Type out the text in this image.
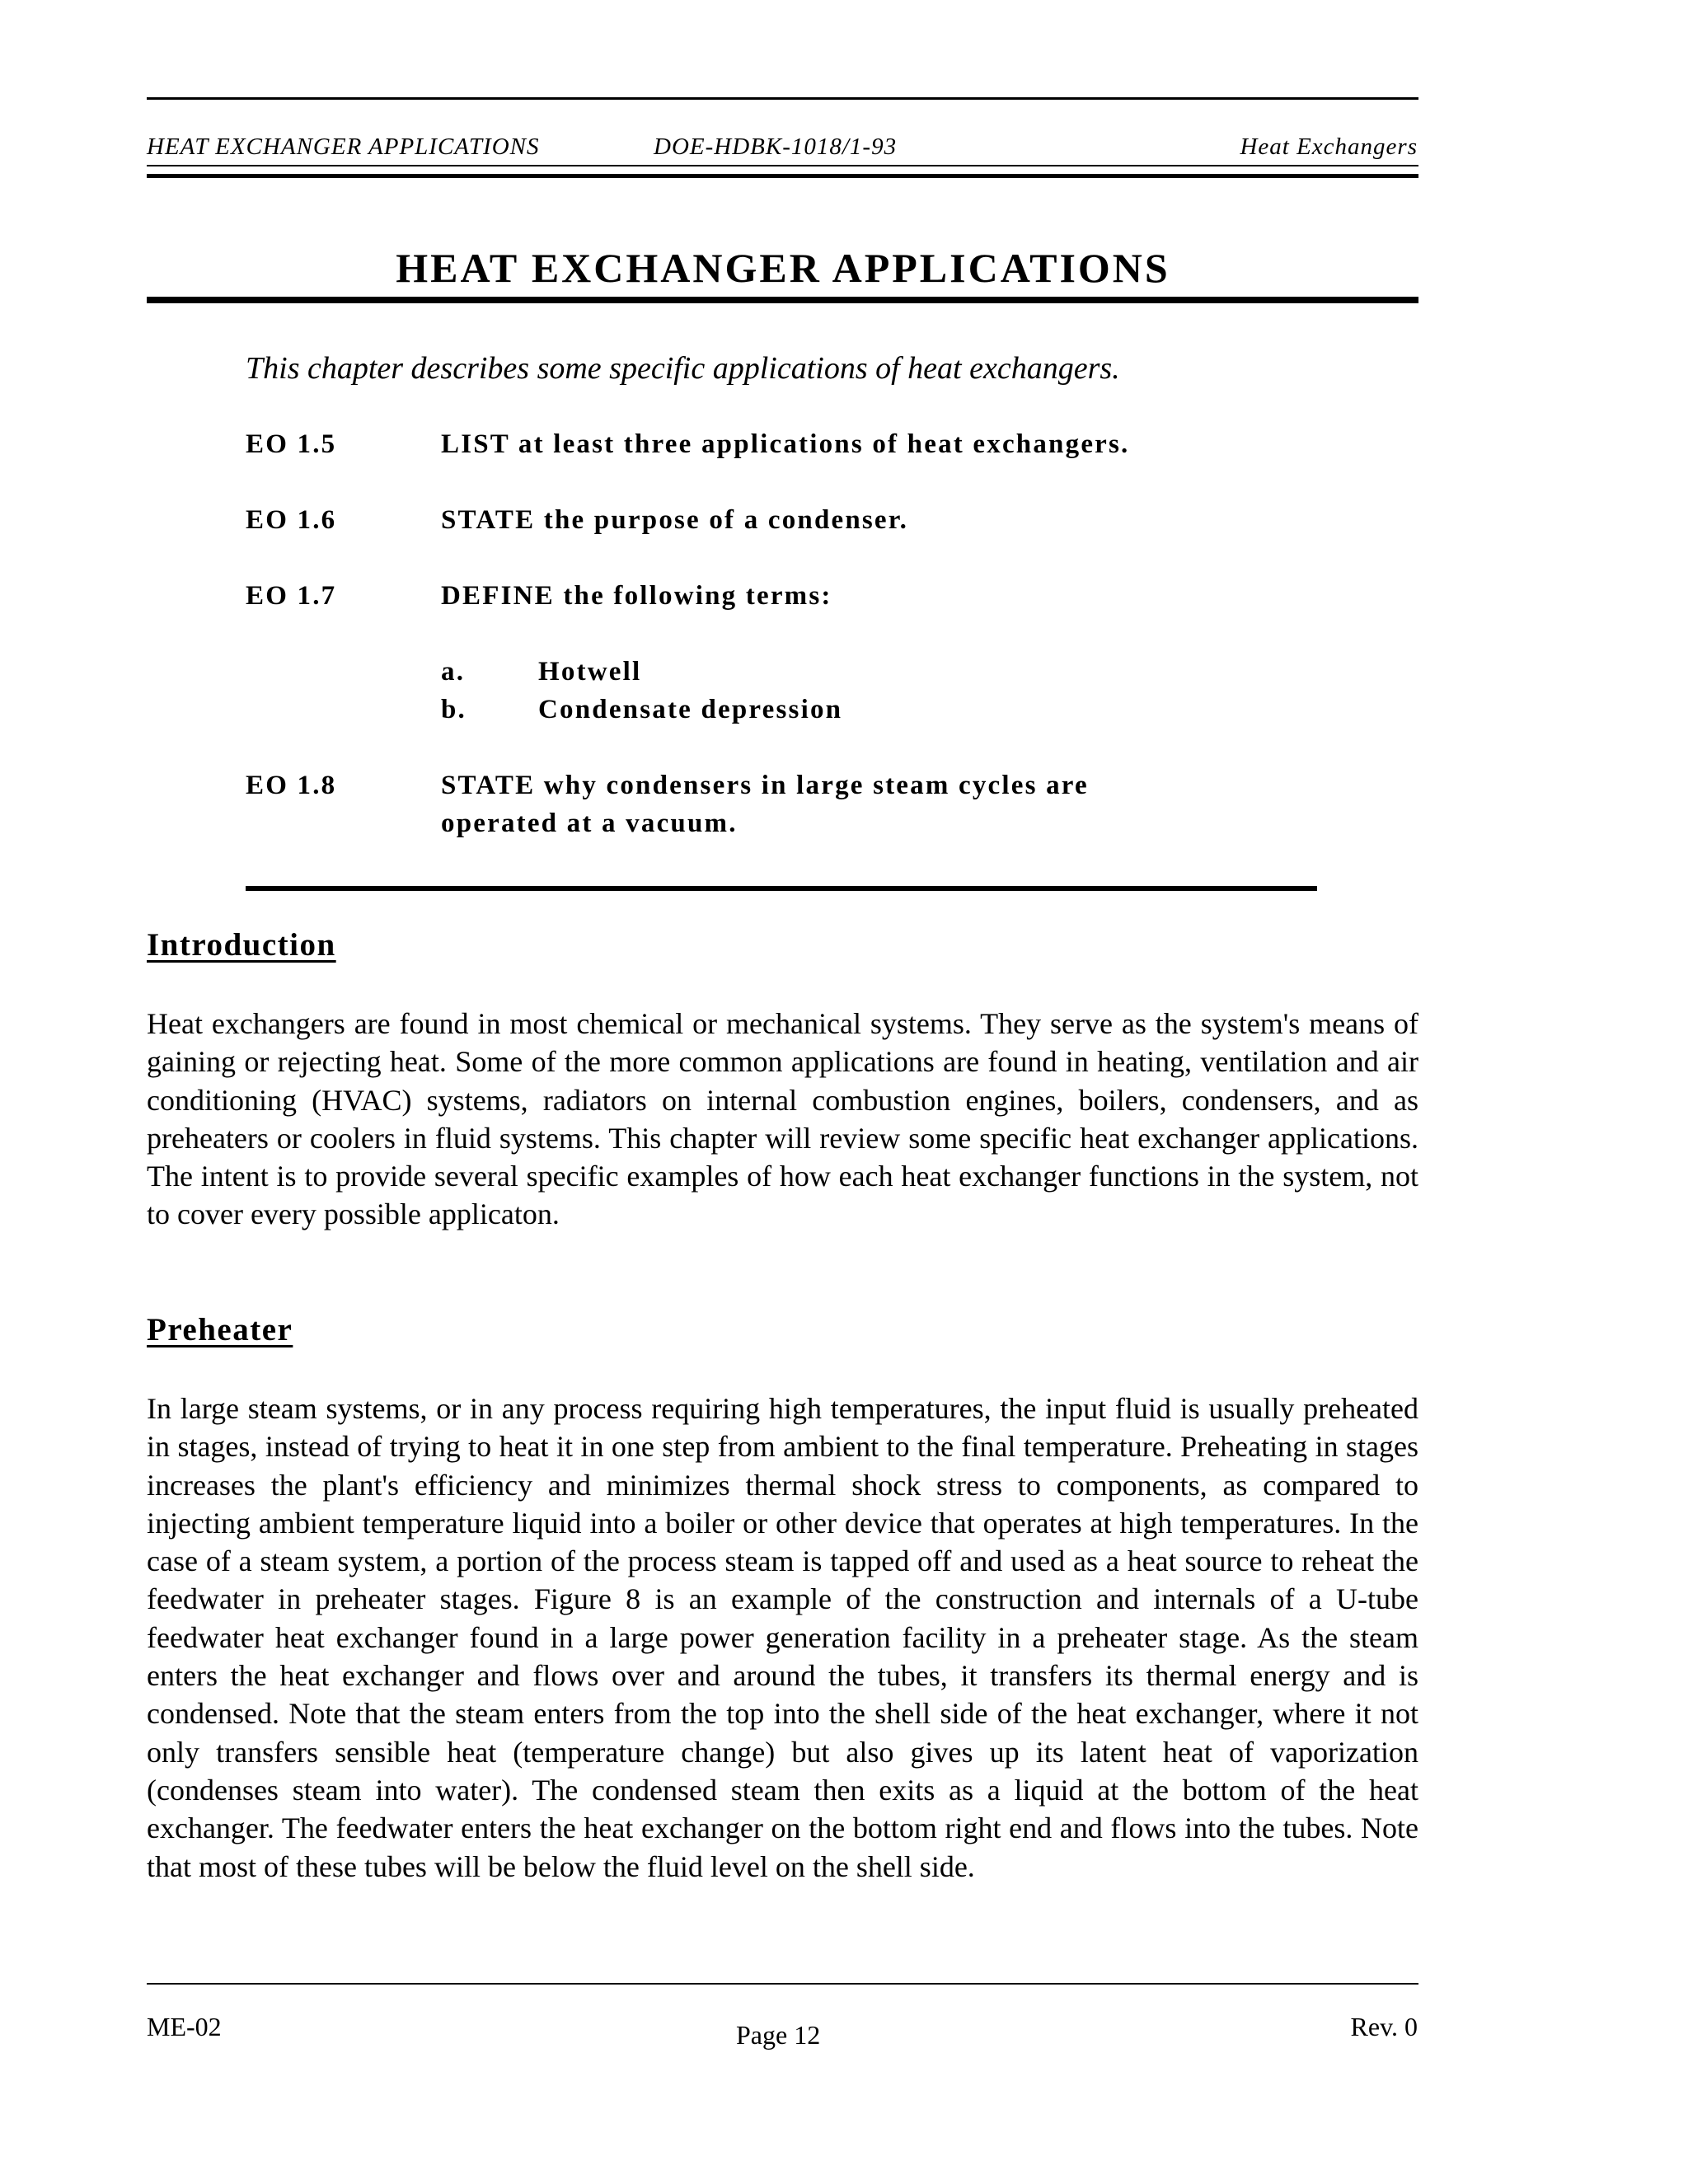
HEAT EXCHANGER APPLICATIONS	DOE-HDBK-1018/1-93	Heat Exchangers
HEAT EXCHANGER APPLICATIONS
This chapter describes some specific applications of heat exchangers.
EO 1.5	LIST at least three applications of heat exchangers.
EO 1.6	STATE the purpose of a condenser.
EO 1.7	DEFINE the following terms:
a.	Hotwell
b.	Condensate depression
EO 1.8	STATE why condensers in large steam cycles are
operated at a vacuum.
Introduction

Heat exchangers are found in most chemical or mechanical systems. They serve as the system's means of gaining or rejecting heat. Some of the more common applications are found in heating, ventilation and air conditioning (HVAC) systems, radiators on internal combustion engines, boilers, condensers, and as preheaters or coolers in fluid systems. This chapter will review some specific heat exchanger applications. The intent is to provide several specific examples of how each heat exchanger functions in the system, not to cover every possible applicaton.

Preheater

In large steam systems, or in any process requiring high temperatures, the input fluid is usually preheated in stages, instead of trying to heat it in one step from ambient to the final temperature. Preheating in stages increases the plant's efficiency and minimizes thermal shock stress to components, as compared to injecting ambient temperature liquid into a boiler or other device that operates at high temperatures. In the case of a steam system, a portion of the process steam is tapped off and used as a heat source to reheat the feedwater in preheater stages. Figure 8 is an example of the construction and internals of a U-tube feedwater heat exchanger found in a large power generation facility in a preheater stage. As the steam enters the heat exchanger and flows over and around the tubes, it transfers its thermal energy and is condensed. Note that the steam enters from the top into the shell side of the heat exchanger, where it not only transfers sensible heat (temperature change) but also gives up its latent heat of vaporization (condenses steam into water). The condensed steam then exits as a liquid at the bottom of the heat exchanger. The feedwater enters the heat exchanger on the bottom right end and flows into the tubes. Note that most of these tubes will be below the fluid level on the shell side.

ME-02	Page 12	Rev. 0
